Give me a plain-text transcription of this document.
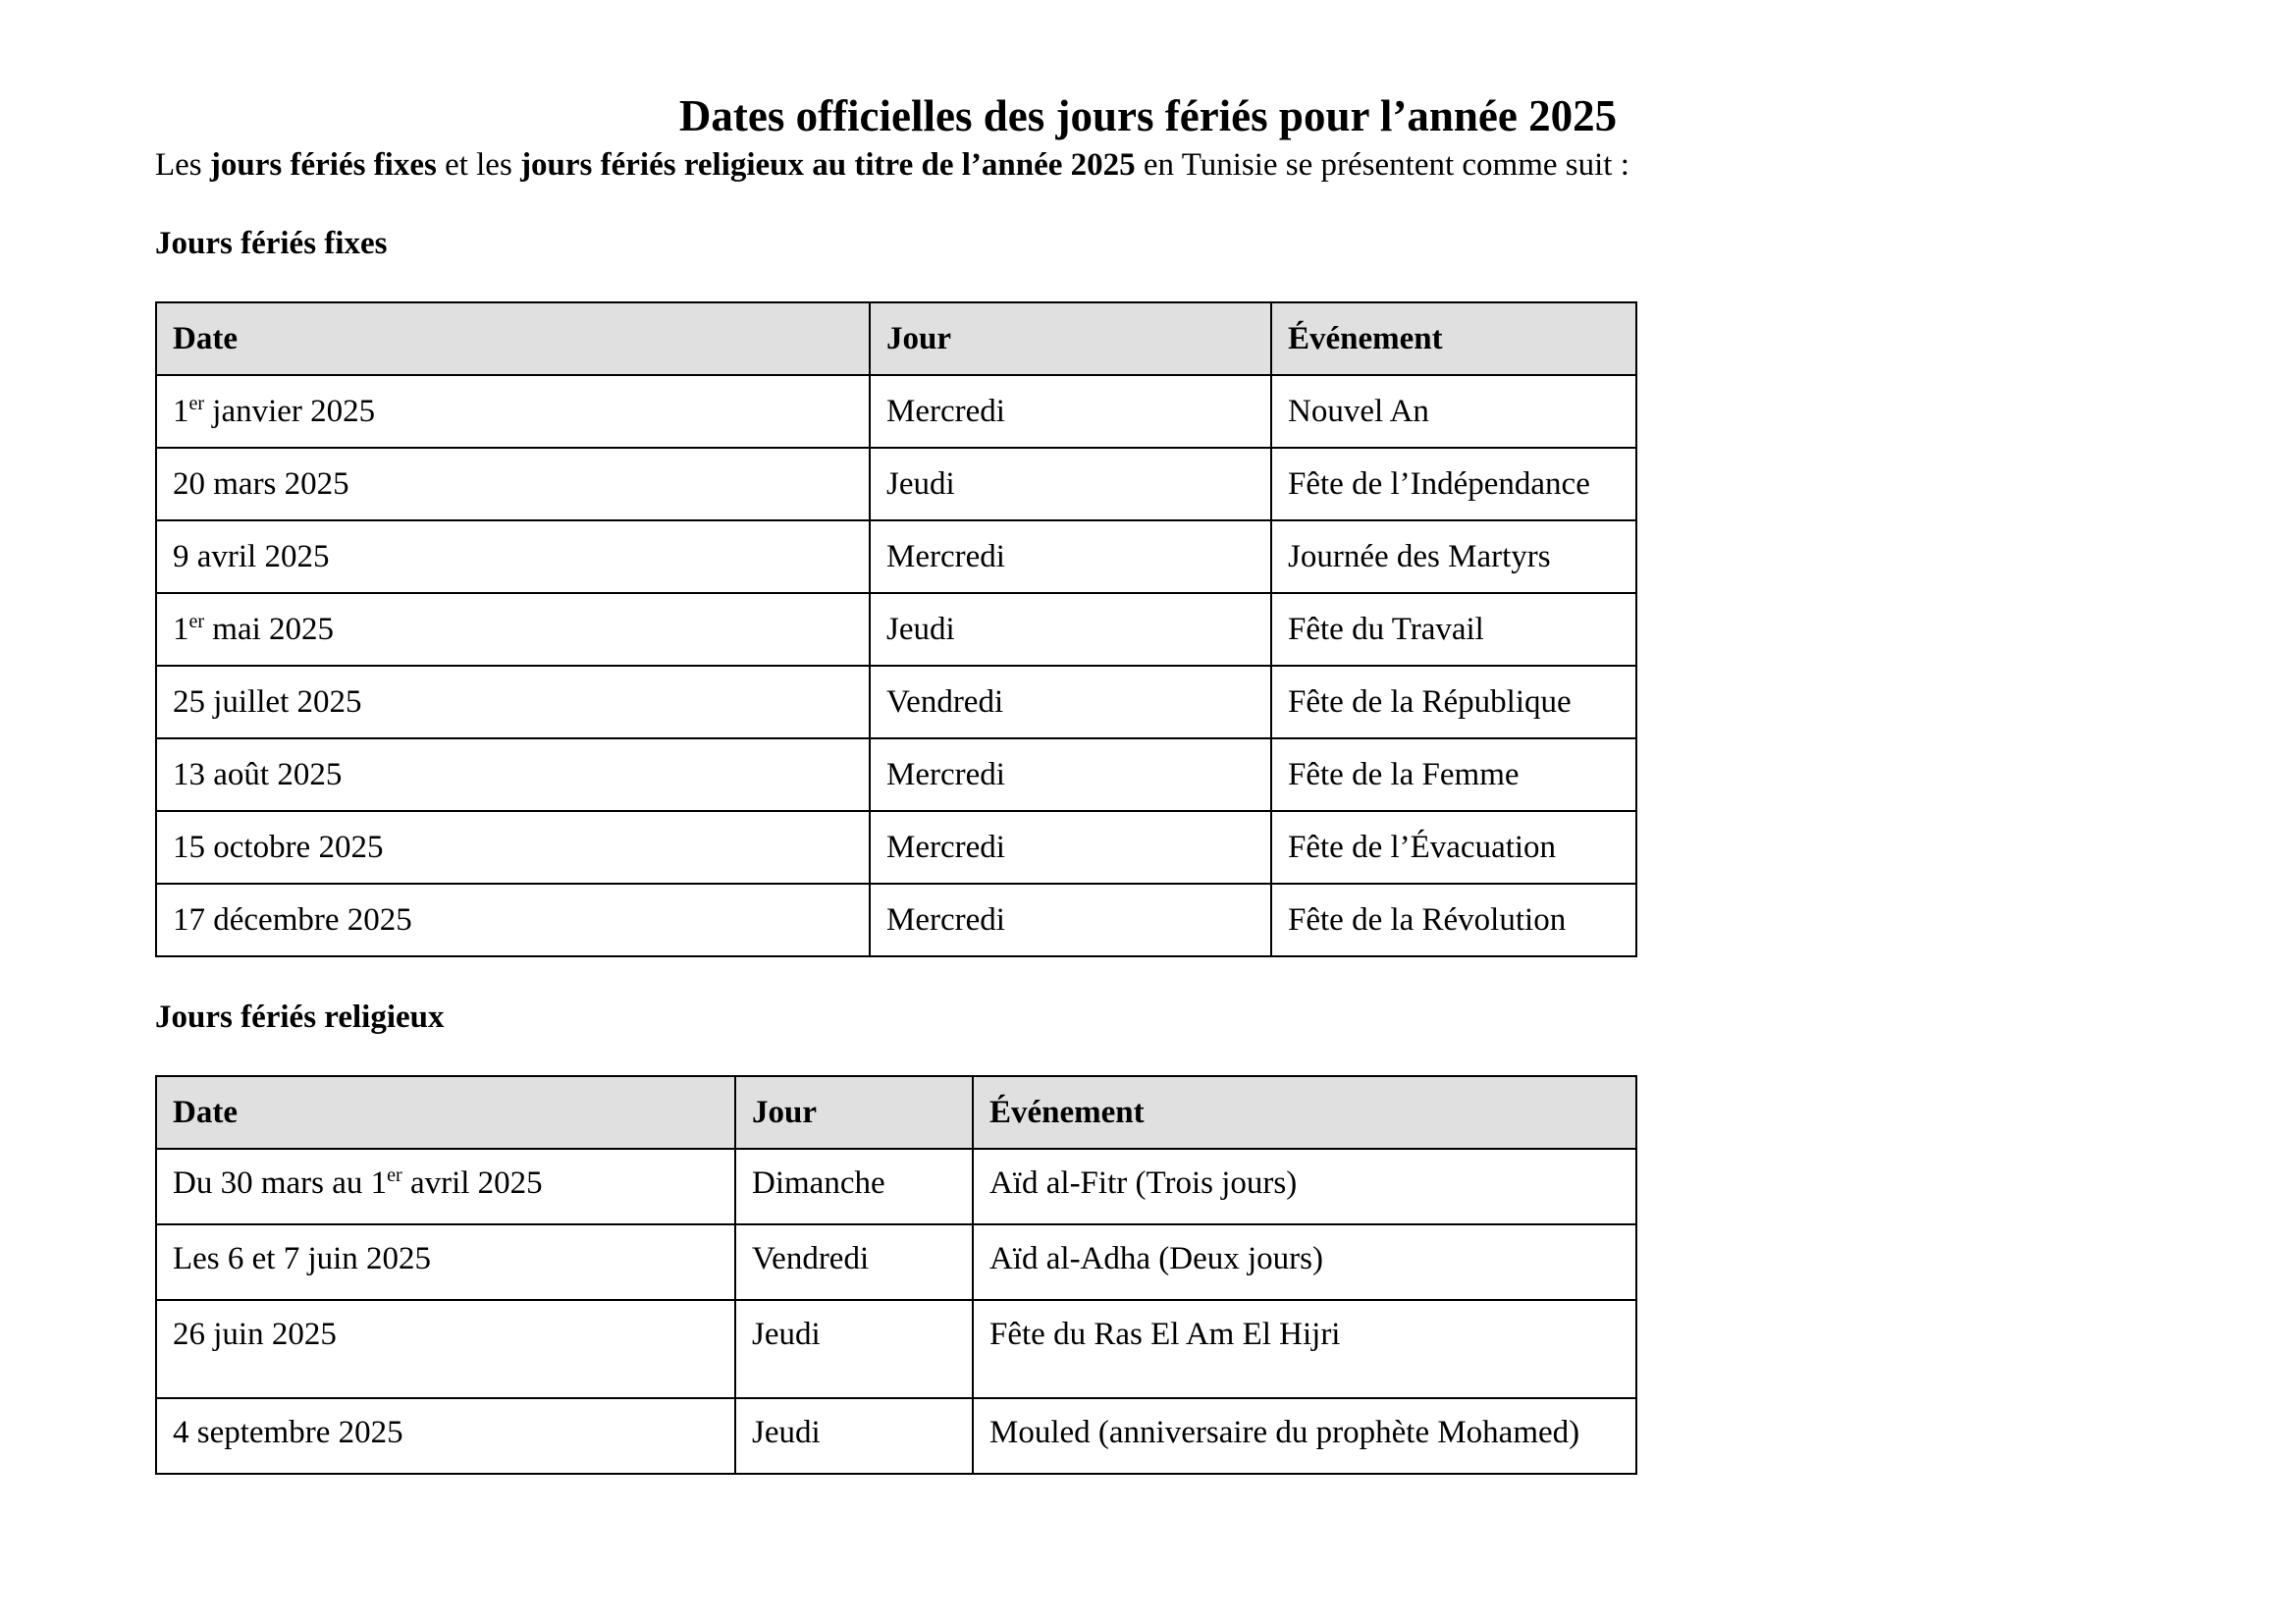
Dates officielles des jours fériés pour l’année 2025

Les jours fériés fixes et les jours fériés religieux au titre de l’année 2025 en Tunisie se présentent comme suit :

Jours fériés fixes
Date	Jour	Événement
1er janvier 2025	Mercredi	Nouvel An
20 mars 2025	Jeudi	Fête de l’Indépendance
9 avril 2025	Mercredi	Journée des Martyrs
1er mai 2025	Jeudi	Fête du Travail
25 juillet 2025	Vendredi	Fête de la République
13 août 2025	Mercredi	Fête de la Femme
15 octobre 2025	Mercredi	Fête de l’Évacuation
17 décembre 2025	Mercredi	Fête de la Révolution
Jours fériés religieux
Date	Jour	Événement
Du 30 mars au 1er avril 2025	Dimanche	Aïd al-Fitr (Trois jours)
Les 6 et 7 juin 2025	Vendredi	Aïd al-Adha (Deux jours)
26 juin 2025	Jeudi	Fête du Ras El Am El Hijri
4 septembre 2025	Jeudi	Mouled (anniversaire du prophète Mohamed)
